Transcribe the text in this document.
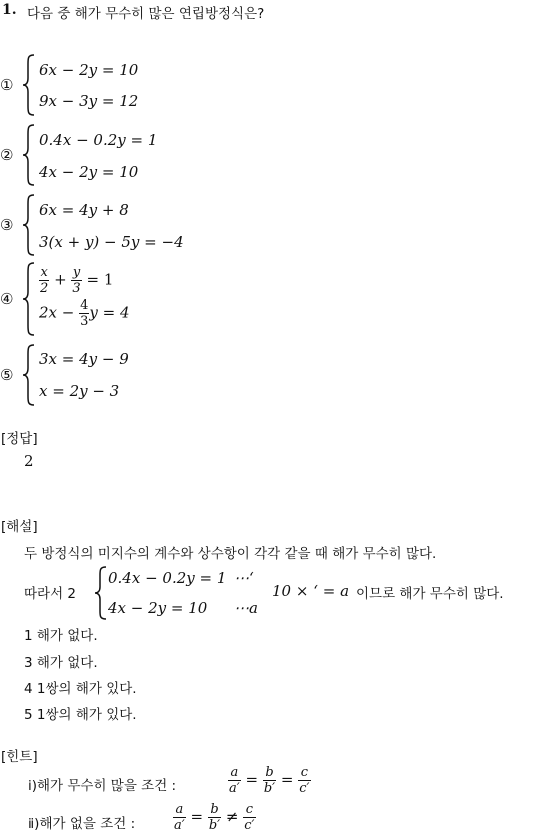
1. 다음 중 해가 무수히 많은 연립방정식은?
①
6x − 2y = 10
9x − 3y = 12
②
0.4x − 0.2y = 1
4x − 2y = 10
③
6x = 4y + 8
3(x + y) − 5y = −4
④
$\frac{x}{2} + \frac{y}{3} = 1$
$2x - \frac{4}{3}$ y = 4
⑤
3x = 4y − 9
x = 2y − 3
[정답]
2
[해설]
두 방정식의 미지수의 계수와 상수항이 각각 같을 때 해가 무수히 많다.
따라서 2
0.4x − 0.2y = 1 ⋯‘
4x − 2y = 10 ⋯a
10 × ‘ = a 이므로 해가 무수히 많다.
1 해가 없다.
3 해가 없다.
4 1쌍의 해가 있다.
5 1쌍의 해가 있다.
[힌트]
ⅰ)해가 무수히 많을 조건 :	$\frac{a}{a'} = \frac{b}{b'} = \frac{c}{c'}$
ⅱ)해가 없을 조건 :	$\frac{a}{a'} = \frac{b}{b'} \ne \frac{c}{c'}$
